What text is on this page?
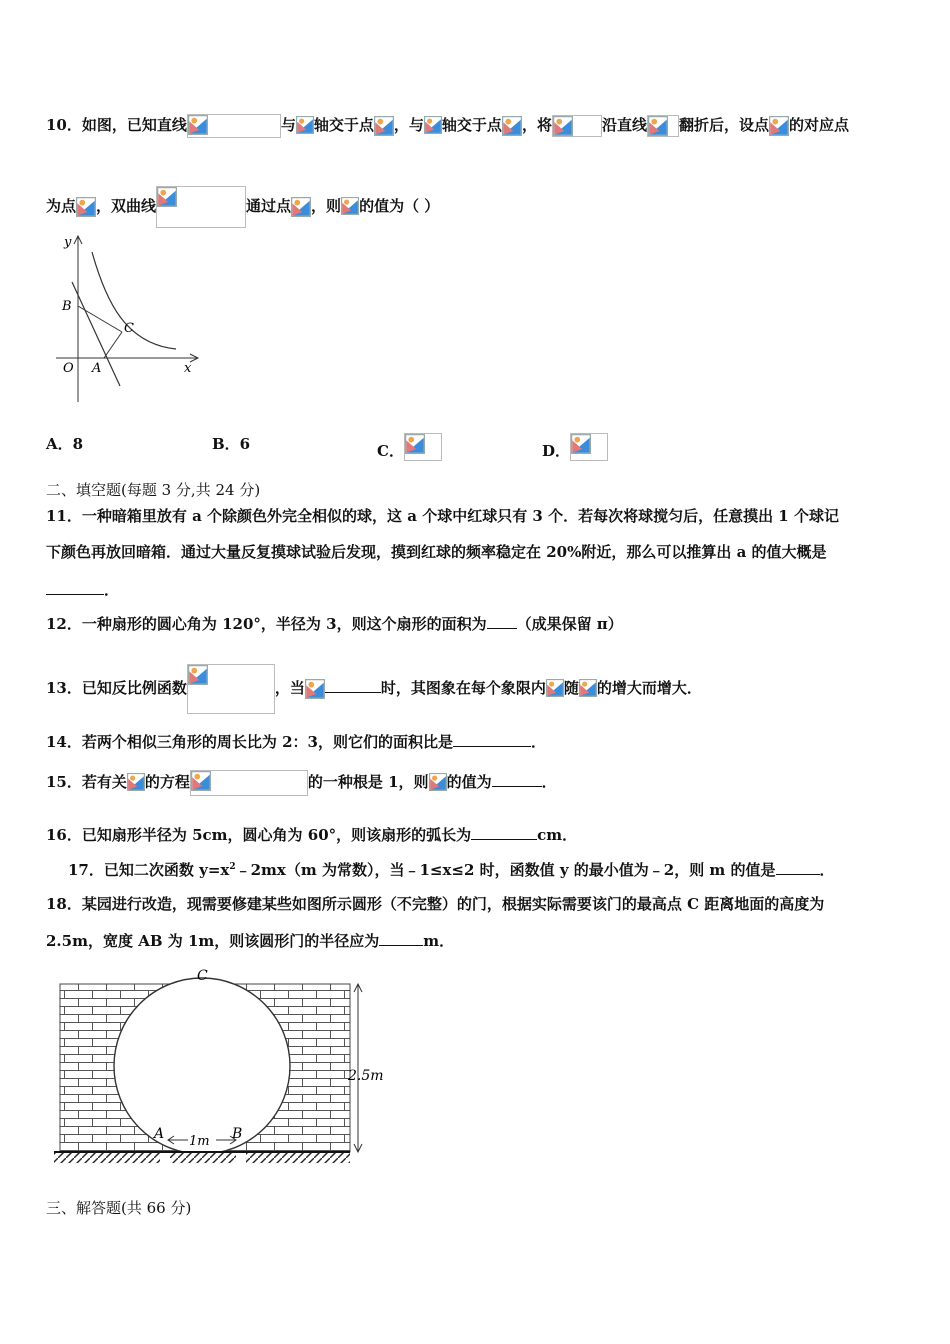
10．如图，已知直线	与 轴交于点 ，与 轴交于点 ，将	沿直线 翻折后，设点 的对应点
为点 ，双曲线	通过点 ，则 的值为（ ）
y
B
C
O A	x
A．8	B．6	C．	D．
二、填空题(每题 3 分,共 24 分)
11．一种暗箱里放有 a 个除颜色外完全相似的球，这 a 个球中红球只有 3 个．若每次将球搅匀后，任意摸出 1 个球记
下颜色再放回暗箱．通过大量反复摸球试验后发现，摸到红球的频率稳定在 20%附近，那么可以推算出 a 的值大概是
．
12．一种扇形的圆心角为 120°，半径为 3，则这个扇形的面积为 （成果保留 π）
13．已知反比例函数	，当	时，其图象在每个象限内 随 的增大而增大．
14．若两个相似三角形的周长比为 2：3，则它们的面积比是	．
15．若有关 的方程	的一种根是 1，则 的值为	．
16．已知扇形半径为 5cm，圆心角为 60°，则该扇形的弧长为	cm．
17．已知二次函数 $y=x^2﹣2mx(m$ 为常数），当﹣1≤x≤2 时，函数值 y 的最小值为﹣2，则 m 的值是	．
18．某园进行改造，现需要修建某些如图所示圆形（不完整）的门，根据实际需要该门的最高点 C 距离地面的高度为
2.5m，宽度 AB 为 1m，则该圆形门的半径应为	m．
C
2.5m
A 1m B
三、解答题(共 66 分)
